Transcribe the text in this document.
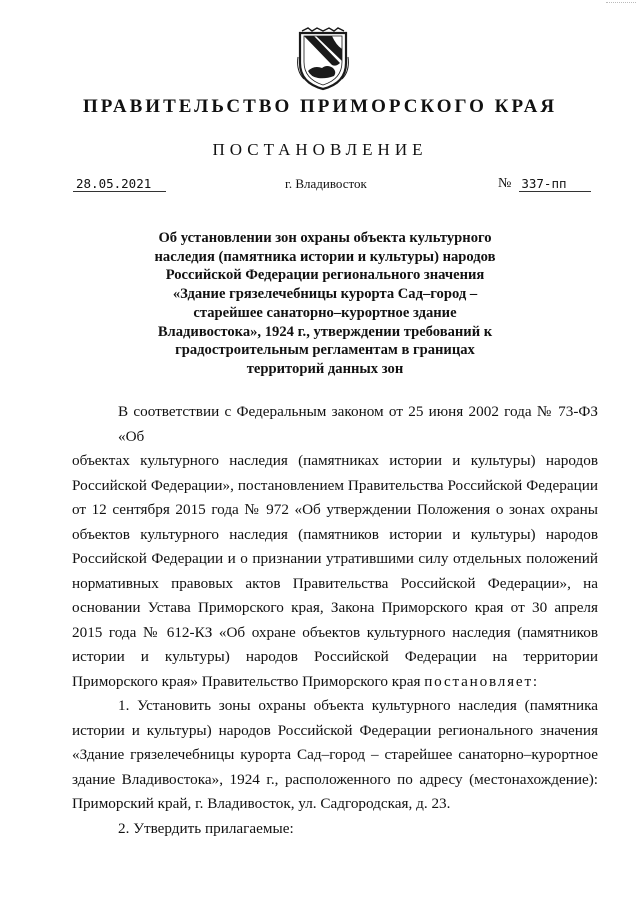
ПРАВИТЕЛЬСТВО ПРИМОРСКОГО КРАЯ
ПОСТАНОВЛЕНИЕ
28.05.2021	г. Владивосток	№ 337-пп
Об установлении зон охраны объекта культурного
наследия (памятника истории и культуры) народов
Российской Федерации регионального значения
«Здание грязелечебницы курорта Сад–город –
старейшее санаторно–курортное здание
Владивостока», 1924 г., утверждении требований к
градостроительным регламентам в границах
территорий данных зон
В соответствии с Федеральным законом от 25 июня 2002 года № 73-ФЗ «Об
объектах культурного наследия (памятниках истории и культуры) народов
Российской Федерации», постановлением Правительства Российской Федерации
от 12 сентября 2015 года № 972 «Об утверждении Положения о зонах охраны
объектов культурного наследия (памятников истории и культуры) народов
Российской Федерации и о признании утратившими силу отдельных положений
нормативных правовых актов Правительства Российской Федерации», на
основании Устава Приморского края, Закона Приморского края от 30 апреля
2015 года № 612-КЗ «Об охране объектов культурного наследия (памятников
истории и культуры) народов Российской Федерации на территории
Приморского края» Правительство Приморского края постановляет:
1. Установить зоны охраны объекта культурного наследия (памятника
истории и культуры) народов Российской Федерации регионального значения
«Здание грязелечебницы курорта Сад–город – старейшее санаторно–курортное
здание Владивостока», 1924 г., расположенного по адресу (местонахождение):
Приморский край, г. Владивосток, ул. Садгородская, д. 23.
2. Утвердить прилагаемые:
